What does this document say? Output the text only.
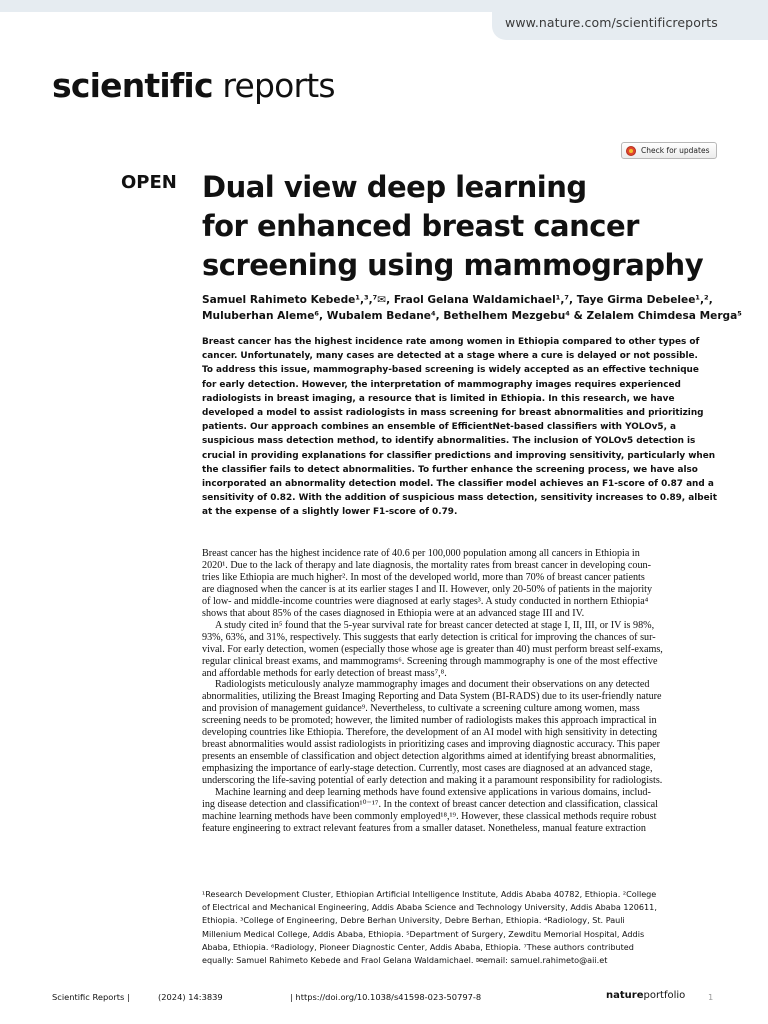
www.nature.com/scientificreports
scientific reports
Check for updates
OPEN Dual view deep learning
for enhanced breast cancer
screening using mammography
Samuel Rahimeto Kebede¹,³,⁷✉, Fraol Gelana Waldamichael¹,⁷, Taye Girma Debelee¹,²,
Muluberhan Aleme⁶, Wubalem Bedane⁴, Bethelhem Mezgebu⁴ & Zelalem Chimdesa Merga⁵
Breast cancer has the highest incidence rate among women in Ethiopia compared to other types of
cancer. Unfortunately, many cases are detected at a stage where a cure is delayed or not possible.
To address this issue, mammography-based screening is widely accepted as an effective technique
for early detection. However, the interpretation of mammography images requires experienced
radiologists in breast imaging, a resource that is limited in Ethiopia. In this research, we have
developed a model to assist radiologists in mass screening for breast abnormalities and prioritizing
patients. Our approach combines an ensemble of EfficientNet-based classifiers with YOLOv5, a
suspicious mass detection method, to identify abnormalities. The inclusion of YOLOv5 detection is
crucial in providing explanations for classifier predictions and improving sensitivity, particularly when
the classifier fails to detect abnormalities. To further enhance the screening process, we have also
incorporated an abnormality detection model. The classifier model achieves an F1-score of 0.87 and a
sensitivity of 0.82. With the addition of suspicious mass detection, sensitivity increases to 0.89, albeit
at the expense of a slightly lower F1-score of 0.79.
Breast cancer has the highest incidence rate of 40.6 per 100,000 population among all cancers in Ethiopia in
2020¹. Due to the lack of therapy and late diagnosis, the mortality rates from breast cancer in developing coun-
tries like Ethiopia are much higher². In most of the developed world, more than 70% of breast cancer patients
are diagnosed when the cancer is at its earlier stages I and II. However, only 20-50% of patients in the majority
of low- and middle-income countries were diagnosed at early stages³. A study conducted in northern Ethiopia⁴
shows that about 85% of the cases diagnosed in Ethiopia were at an advanced stage III and IV.
A study cited in⁵ found that the 5-year survival rate for breast cancer detected at stage I, II, III, or IV is 98%,
93%, 63%, and 31%, respectively. This suggests that early detection is critical for improving the chances of sur-
vival. For early detection, women (especially those whose age is greater than 40) must perform breast self-exams,
regular clinical breast exams, and mammograms⁶. Screening through mammography is one of the most effective
and affordable methods for early detection of breast mass⁷,⁸.
Radiologists meticulously analyze mammography images and document their observations on any detected
abnormalities, utilizing the Breast Imaging Reporting and Data System (BI-RADS) due to its user-friendly nature
and provision of management guidance⁹. Nevertheless, to cultivate a screening culture among women, mass
screening needs to be promoted; however, the limited number of radiologists makes this approach impractical in
developing countries like Ethiopia. Therefore, the development of an AI model with high sensitivity in detecting
breast abnormalities would assist radiologists in prioritizing cases and improving diagnostic accuracy. This paper
presents an ensemble of classification and object detection algorithms aimed at identifying breast abnormalities,
emphasizing the importance of early-stage detection. Currently, most cases are diagnosed at an advanced stage,
underscoring the life-saving potential of early detection and making it a paramount responsibility for radiologists.
Machine learning and deep learning methods have found extensive applications in various domains, includ-
ing disease detection and classification¹⁰⁻¹⁷. In the context of breast cancer detection and classification, classical
machine learning methods have been commonly employed¹⁸,¹⁹. However, these classical methods require robust
feature engineering to extract relevant features from a smaller dataset. Nonetheless, manual feature extraction
¹Research Development Cluster, Ethiopian Artificial Intelligence Institute, Addis Ababa 40782, Ethiopia. ²College
of Electrical and Mechanical Engineering, Addis Ababa Science and Technology University, Addis Ababa 120611,
Ethiopia. ³College of Engineering, Debre Berhan University, Debre Berhan, Ethiopia. ⁴Radiology, St. Pauli
Millenium Medical College, Addis Ababa, Ethiopia. ⁵Department of Surgery, Zewditu Memorial Hospital, Addis
Ababa, Ethiopia. ⁶Radiology, Pioneer Diagnostic Center, Addis Ababa, Ethiopia. ⁷These authors contributed
equally: Samuel Rahimeto Kebede and Fraol Gelana Waldamichael. ✉email: samuel.rahimeto@aii.et
Scientific Reports |	(2024) 14:3839	| https://doi.org/10.1038/s41598-023-50797-8	natureportfolio	1
